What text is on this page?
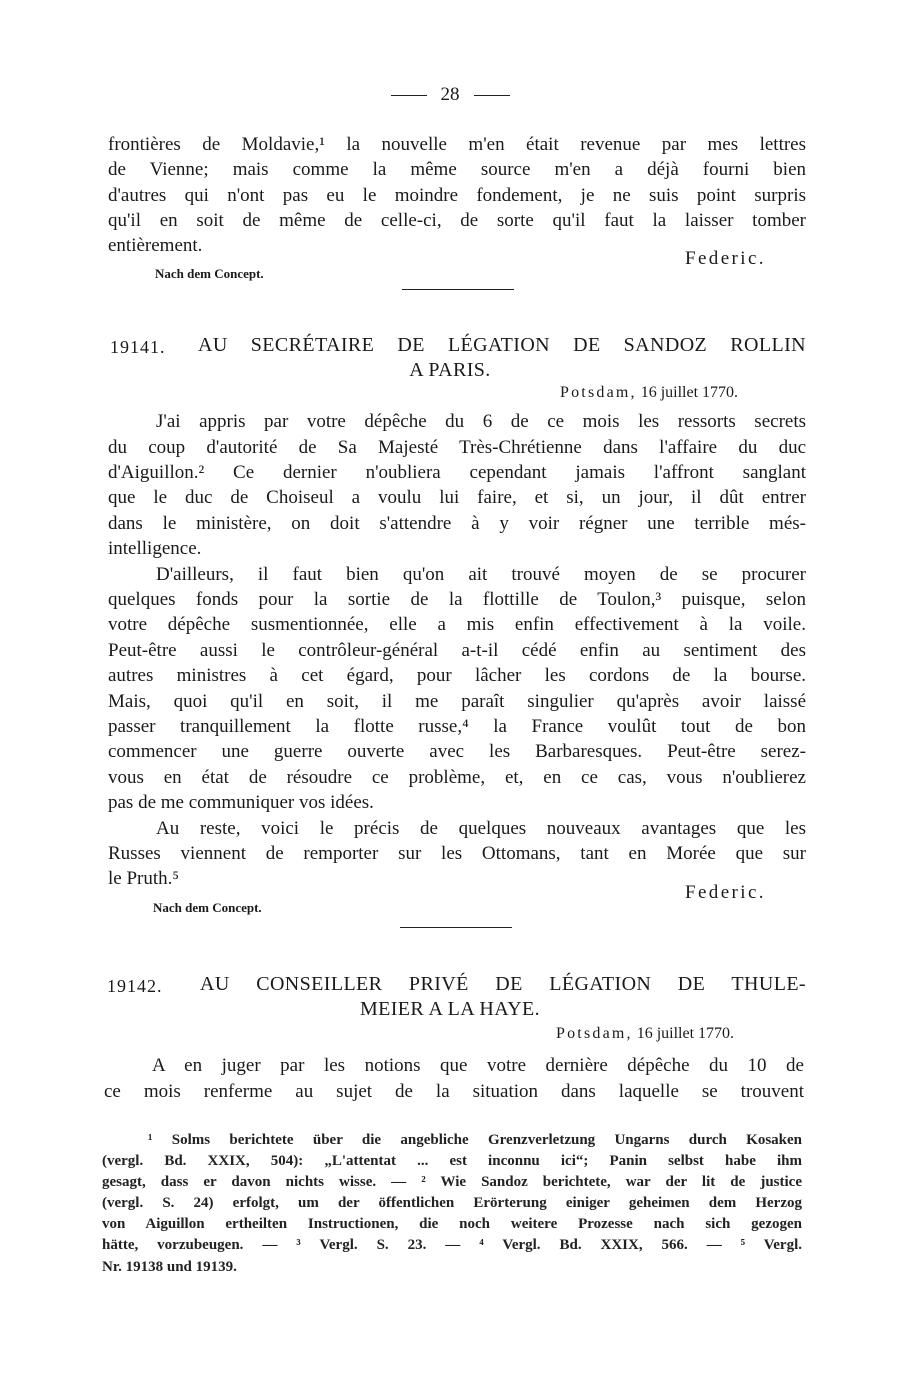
28
frontières de Moldavie,¹ la nouvelle m'en était revenue par mes lettres
de Vienne; mais comme la même source m'en a déjà fourni bien
d'autres qui n'ont pas eu le moindre fondement, je ne suis point surpris
qu'il en soit de même de celle-ci, de sorte qu'il faut la laisser tomber
entièrement.
Federic.
Nach dem Concept.
19141. AU SECRÉTAIRE DE LÉGATION DE SANDOZ ROLLIN
A PARIS.
Potsdam, 16 juillet 1770.
J'ai appris par votre dépêche du 6 de ce mois les ressorts secrets
du coup d'autorité de Sa Majesté Très-Chrétienne dans l'affaire du duc
d'Aiguillon.² Ce dernier n'oubliera cependant jamais l'affront sanglant
que le duc de Choiseul a voulu lui faire, et si, un jour, il dût entrer
dans le ministère, on doit s'attendre à y voir régner une terrible més-
intelligence.
D'ailleurs, il faut bien qu'on ait trouvé moyen de se procurer
quelques fonds pour la sortie de la flottille de Toulon,³ puisque, selon
votre dépêche susmentionnée, elle a mis enfin effectivement à la voile.
Peut-être aussi le contrôleur-général a-t-il cédé enfin au sentiment des
autres ministres à cet égard, pour lâcher les cordons de la bourse.
Mais, quoi qu'il en soit, il me paraît singulier qu'après avoir laissé
passer tranquillement la flotte russe,⁴ la France voulût tout de bon
commencer une guerre ouverte avec les Barbaresques. Peut-être serez-
vous en état de résoudre ce problème, et, en ce cas, vous n'oublierez
pas de me communiquer vos idées.
Au reste, voici le précis de quelques nouveaux avantages que les
Russes viennent de remporter sur les Ottomans, tant en Morée que sur
le Pruth.⁵
Federic.
Nach dem Concept.
19142. AU CONSEILLER PRIVÉ DE LÉGATION DE THULE-
MEIER A LA HAYE.
Potsdam, 16 juillet 1770.
A en juger par les notions que votre dernière dépêche du 10 de
ce mois renferme au sujet de la situation dans laquelle se trouvent
¹ Solms berichtete über die angebliche Grenzverletzung Ungarns durch Kosaken
(vergl. Bd. XXIX, 504): „L'attentat ... est inconnu ici“; Panin selbst habe ihm
gesagt, dass er davon nichts wisse. — ² Wie Sandoz berichtete, war der lit de justice
(vergl. S. 24) erfolgt, um der öffentlichen Erörterung einiger geheimen dem Herzog
von Aiguillon ertheilten Instructionen, die noch weitere Prozesse nach sich gezogen
hätte, vorzubeugen. — ³ Vergl. S. 23. — ⁴ Vergl. Bd. XXIX, 566. — ⁵ Vergl.
Nr. 19138 und 19139.
